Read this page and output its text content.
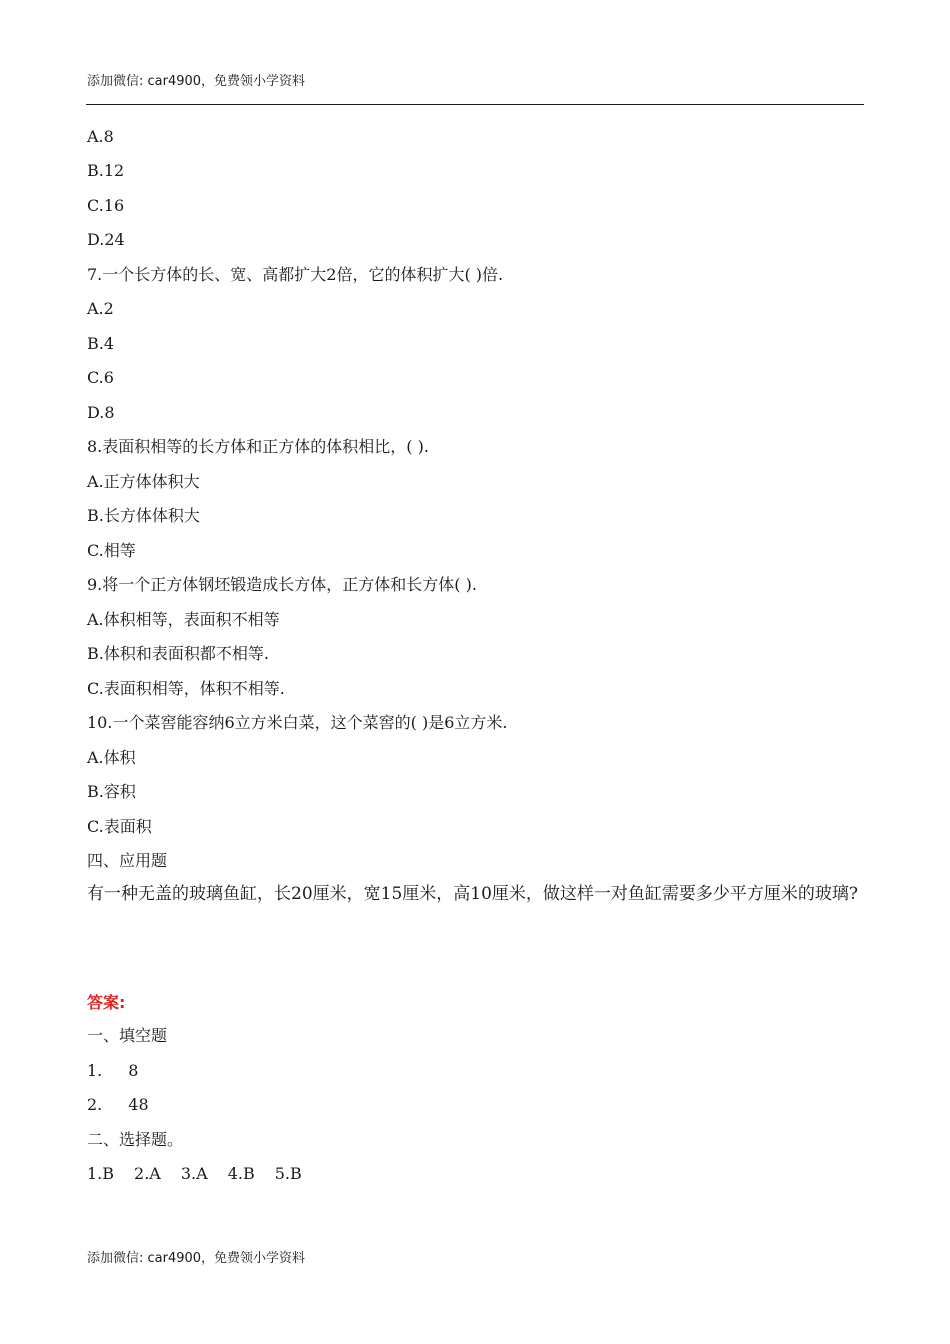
添加微信: car4900，免费领小学资料
A.8
B.12
C.16
D.24
7.一个长方体的长、宽、高都扩大2倍，它的体积扩大( )倍.
A.2
B.4
C.6
D.8
8.表面积相等的长方体和正方体的体积相比，( ).
A.正方体体积大
B.长方体体积大
C.相等
9.将一个正方体钢坯锻造成长方体，正方体和长方体( ).
A.体积相等，表面积不相等
B.体积和表面积都不相等.
C.表面积相等，体积不相等.
10.一个菜窖能容纳6立方米白菜，这个菜窖的( )是6立方米.
A.体积
B.容积
C.表面积
四、应用题
有一种无盖的玻璃鱼缸，长20厘米，宽15厘米，高10厘米，做这样一对鱼缸需要多少平方厘米的玻璃?
答案:
一、填空题
1. 8
2. 48
二、选择题。
1.B 2.A 3.A 4.B 5.B
添加微信: car4900，免费领小学资料
